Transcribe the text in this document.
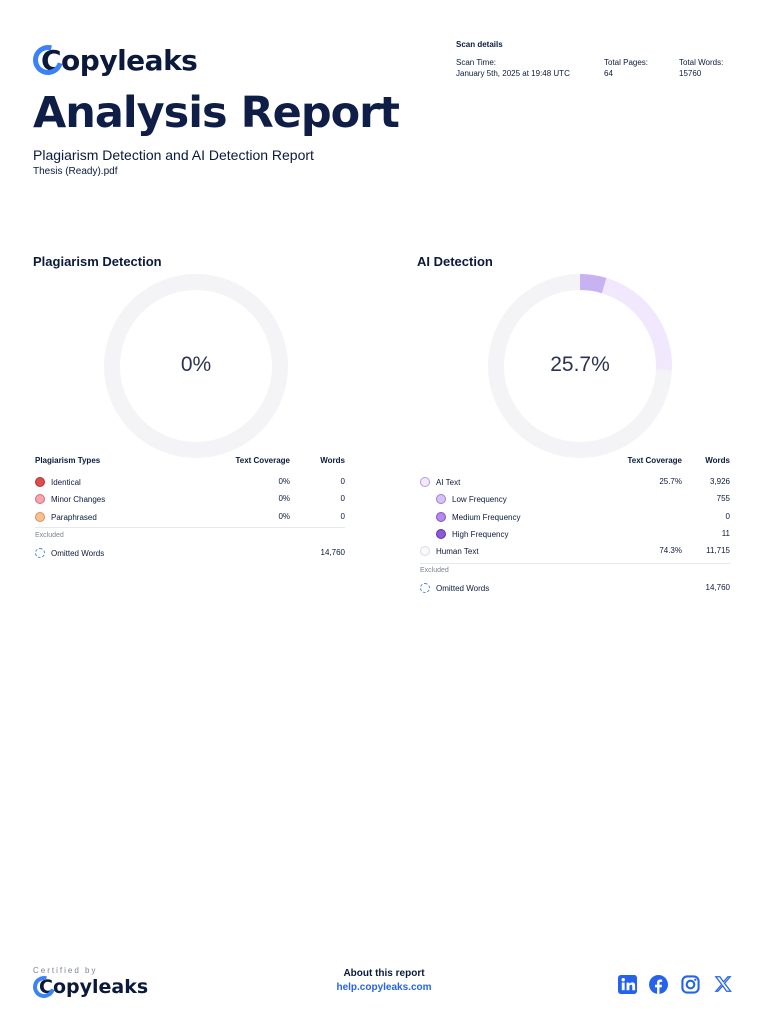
Copyleaks
Analysis Report
Plagiarism Detection and AI Detection Report
Thesis (Ready).pdf
Scan details
Scan Time:
January 5th, 2025 at 19:48 UTC
Total Pages:
64
Total Words:
15760
Plagiarism Detection	AI Detection
0%	25.7%
Plagiarism Types	Text Coverage	Words
Identical	0%	0
Minor Changes	0%	0
Paraphrased	0%	0
Excluded
Omitted Words	14,760
Text Coverage	Words
AI Text	25.7%	3,926
Low Frequency	755
Medium Frequency	0
High Frequency	11
Human Text	74.3%	11,715
Excluded
Omitted Words	14,760
Certified by
Copyleaks
About this report
help.copyleaks.com
